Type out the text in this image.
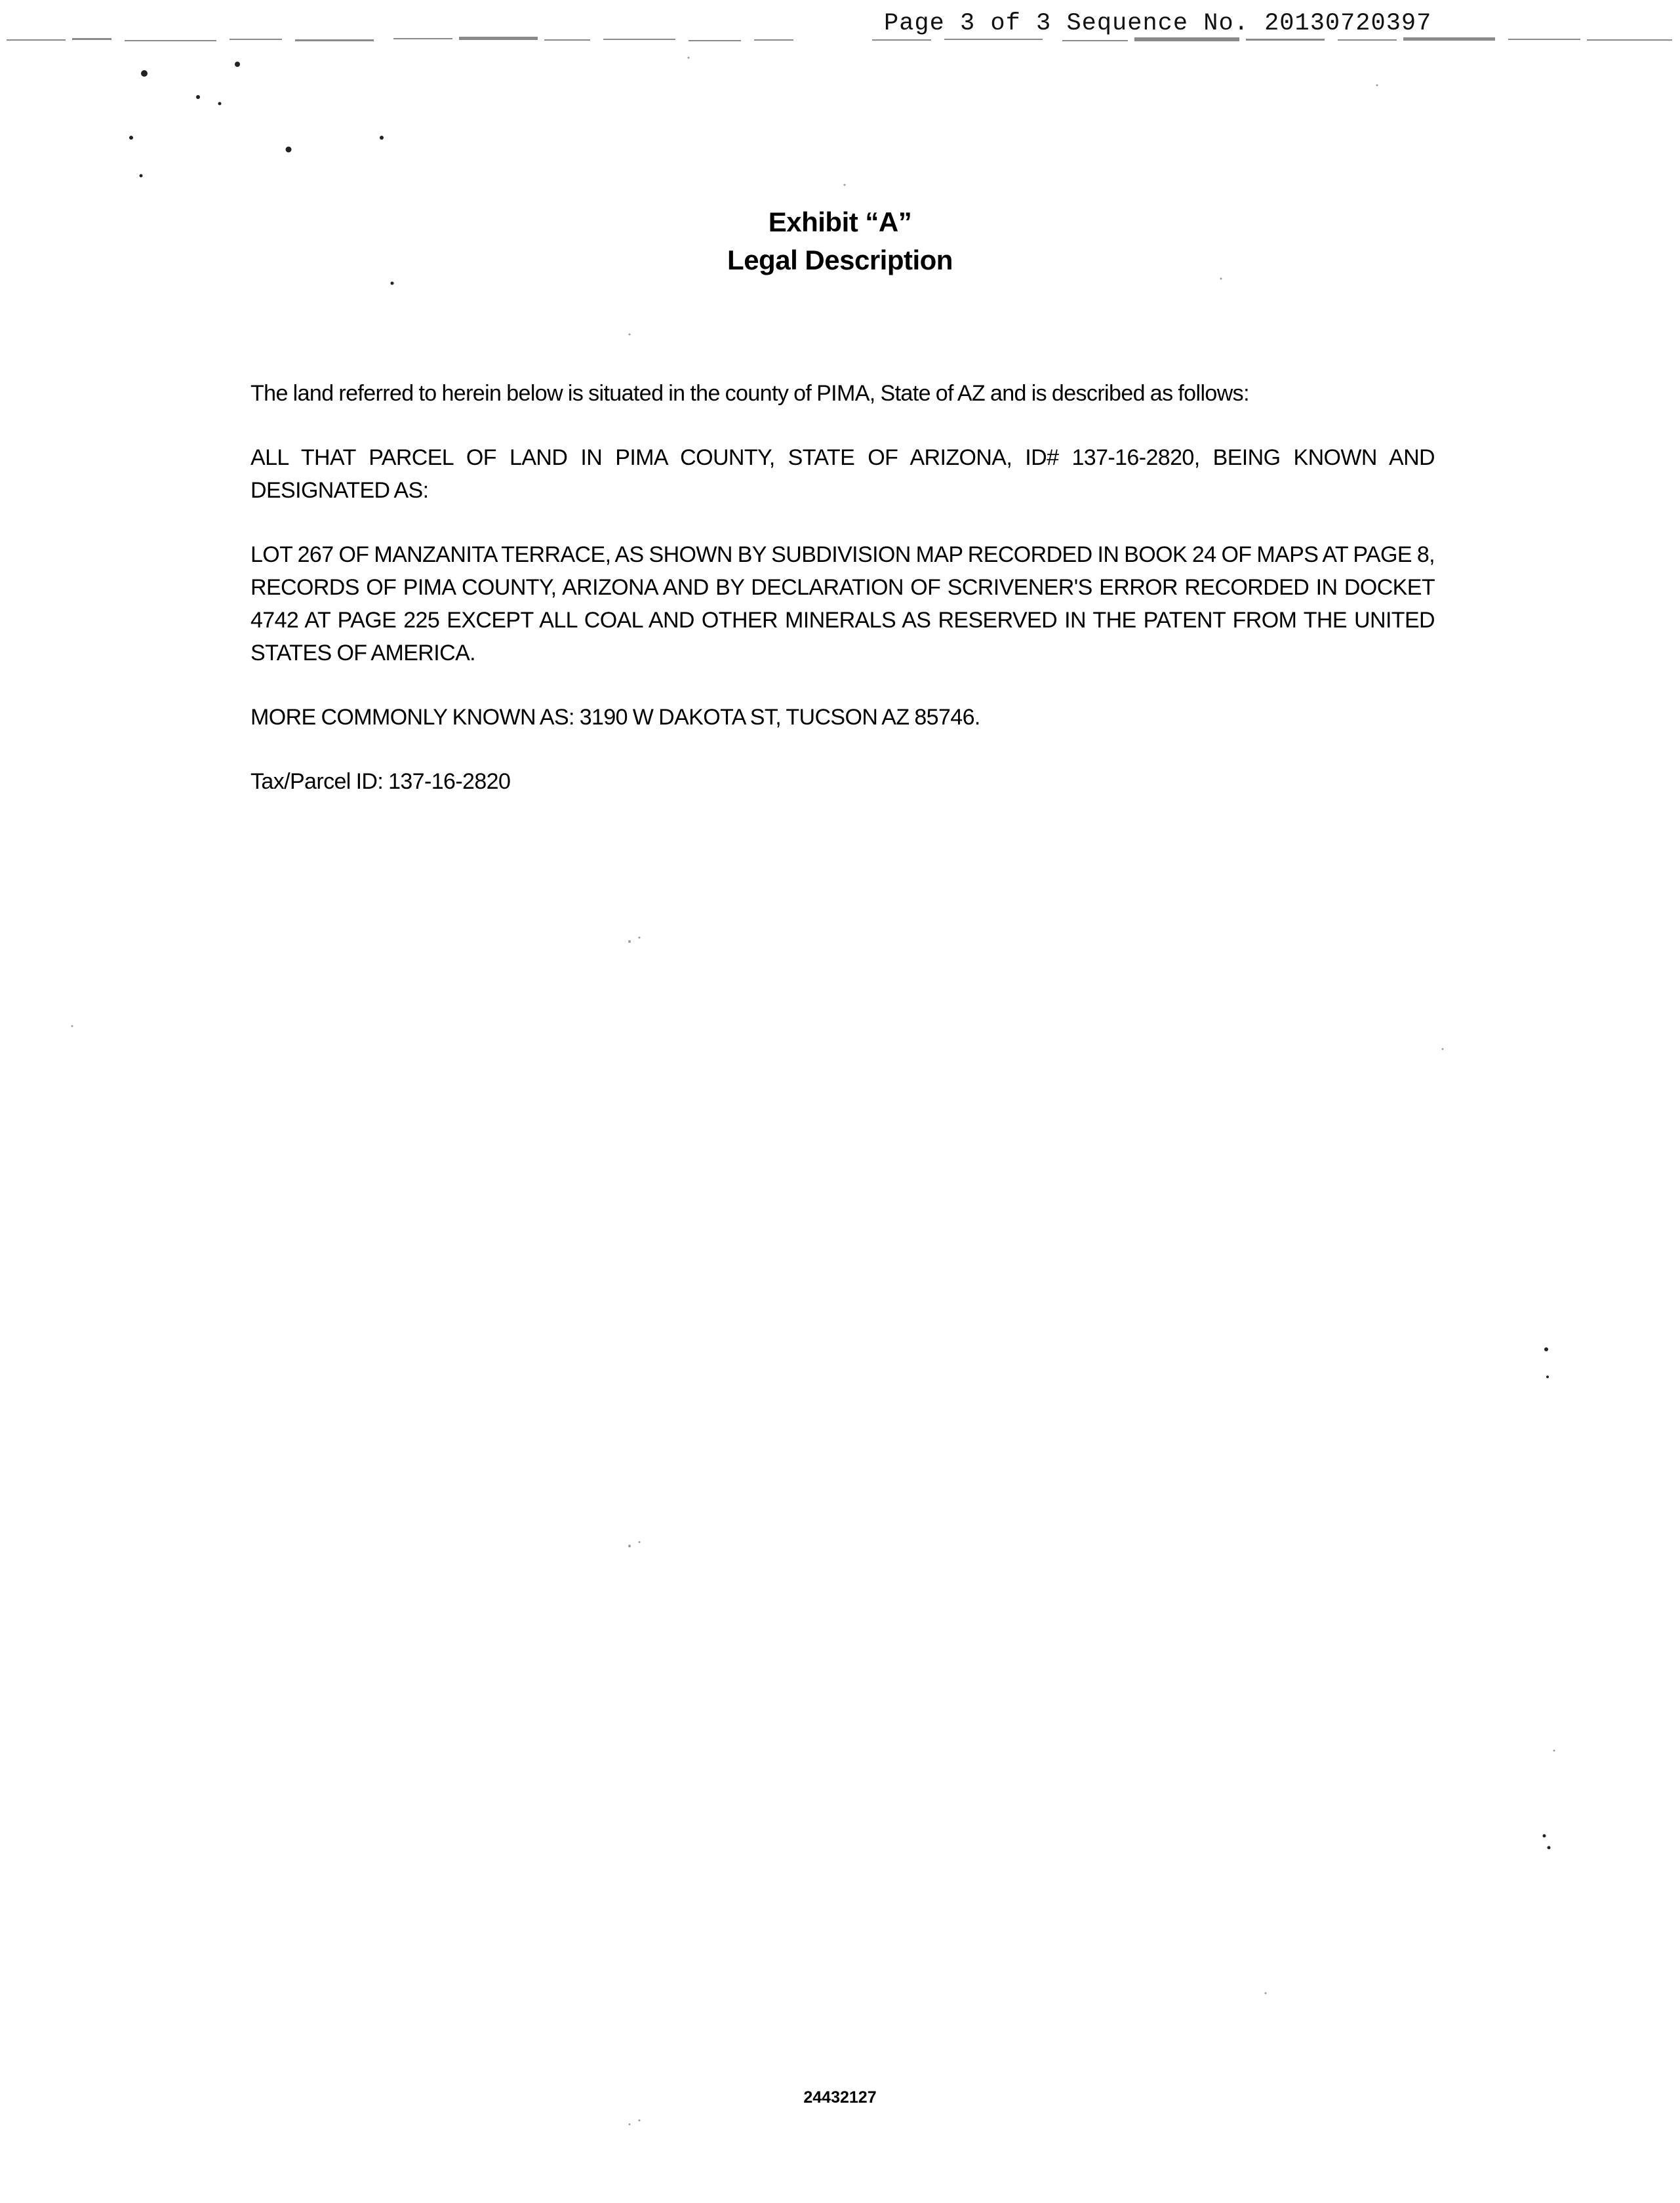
Page 3 of 3 Sequence No. 20130720397
Exhibit “A”
Legal Description

The land referred to herein below is situated in the county of PIMA, State of AZ and is described as follows:

ALL THAT PARCEL OF LAND IN PIMA COUNTY, STATE OF ARIZONA, ID# 137-16-2820, BEING KNOWN AND DESIGNATED AS:

LOT 267 OF MANZANITA TERRACE, AS SHOWN BY SUBDIVISION MAP RECORDED IN BOOK 24 OF MAPS AT PAGE 8, RECORDS OF PIMA COUNTY, ARIZONA AND BY DECLARATION OF SCRIVENER'S ERROR RECORDED IN DOCKET 4742 AT PAGE 225 EXCEPT ALL COAL AND OTHER MINERALS AS RESERVED IN THE PATENT FROM THE UNITED STATES OF AMERICA.

MORE COMMONLY KNOWN AS: 3190 W DAKOTA ST, TUCSON AZ 85746.

Tax/Parcel ID: 137-16-2820

24432127
